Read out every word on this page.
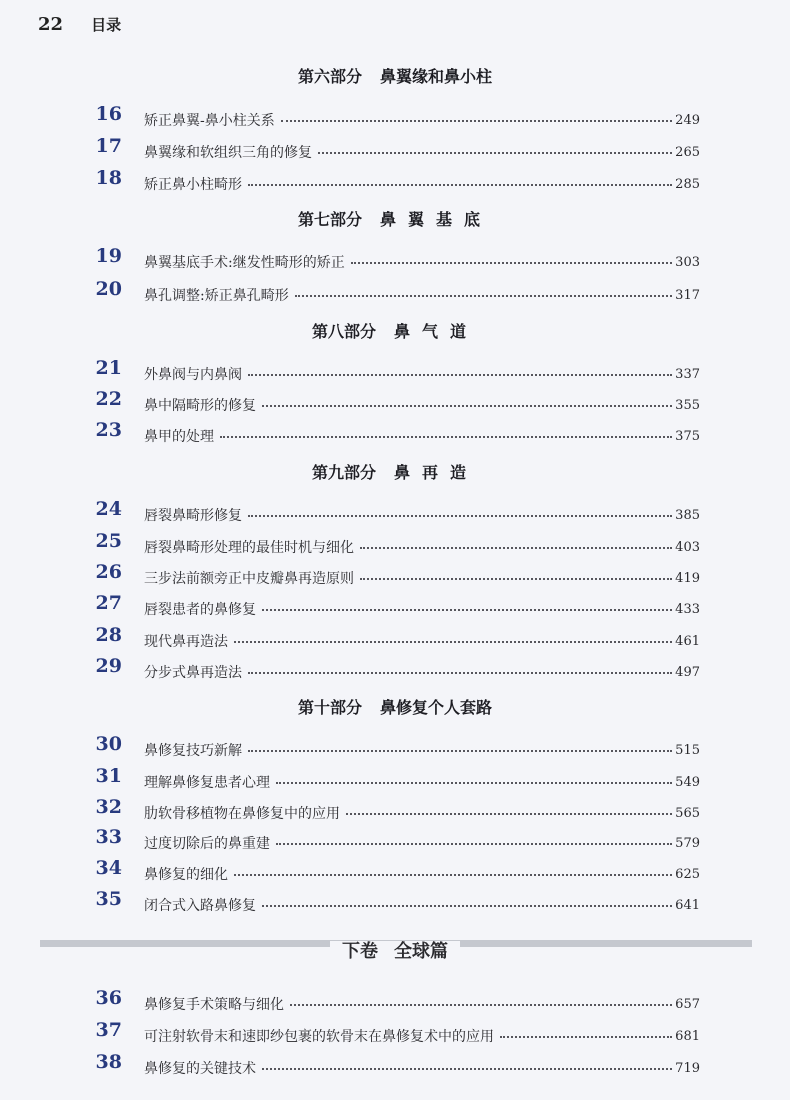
22 目录
第六部分 鼻翼缘和鼻小柱
16 矫正鼻翼-鼻小柱关系	249
17 鼻翼缘和软组织三角的修复	265
18 矫正鼻小柱畸形	285
第七部分 鼻翼基底
19 鼻翼基底手术:继发性畸形的矫正	303
20 鼻孔调整:矫正鼻孔畸形	317
第八部分 鼻气道
21 外鼻阀与内鼻阀	337
22 鼻中隔畸形的修复	355
23 鼻甲的处理	375
第九部分 鼻再造
24 唇裂鼻畸形修复	385
25 唇裂鼻畸形处理的最佳时机与细化	403
26 三步法前额旁正中皮瓣鼻再造原则	419
27 唇裂患者的鼻修复	433
28 现代鼻再造法	461
29 分步式鼻再造法	497
第十部分 鼻修复个人套路
30 鼻修复技巧新解	515
31 理解鼻修复患者心理	549
32 肋软骨移植物在鼻修复中的应用	565
33 过度切除后的鼻重建	579
34 鼻修复的细化	625
35 闭合式入路鼻修复	641
下卷 全球篇
36 鼻修复手术策略与细化	657
37 可注射软骨末和速即纱包裹的软骨末在鼻修复术中的应用	681
38 鼻修复的关键技术	719
